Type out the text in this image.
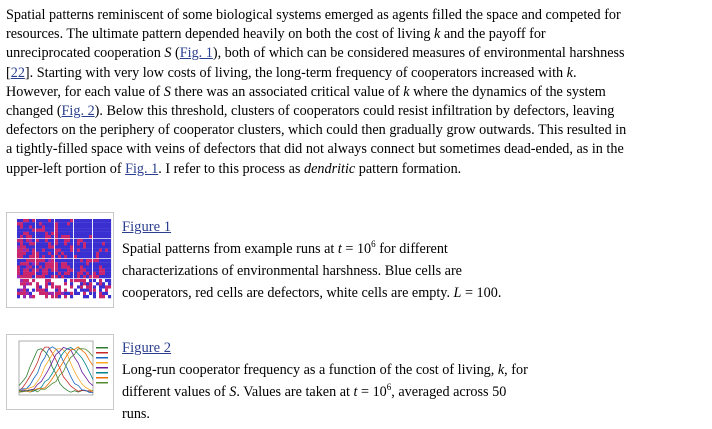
Spatial patterns reminiscent of some biological systems emerged as agents filled the space and competed for
resources. The ultimate pattern depended heavily on both the cost of living k and the payoff for
unreciprocated cooperation S (Fig. 1), both of which can be considered measures of environmental harshness
[22]. Starting with very low costs of living, the long-term frequency of cooperators increased with k.
However, for each value of S there was an associated critical value of k where the dynamics of the system
changed (Fig. 2). Below this threshold, clusters of cooperators could resist infiltration by defectors, leaving
defectors on the periphery of cooperator clusters, which could then gradually grow outwards. This resulted in
a tightly-filled space with veins of defectors that did not always connect but sometimes dead-ended, as in the
upper-left portion of Fig. 1. I refer to this process as dendritic pattern formation.
Figure 1
Spatial patterns from example runs at $t = 10^6$ for different
characterizations of environmental harshness. Blue cells are
cooperators, red cells are defectors, white cells are empty. L = 100.
Figure 2
Long-run cooperator frequency as a function of the cost of living, k, for
different values of S. Values are taken at $t = 10^6$, averaged across 50
runs.
